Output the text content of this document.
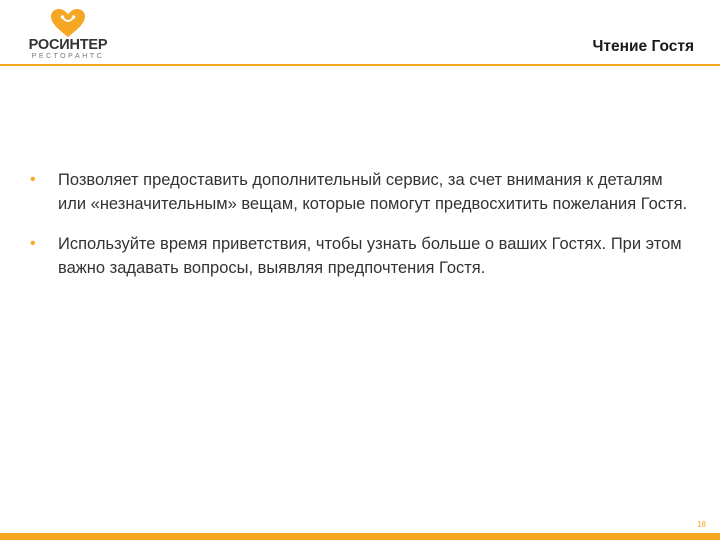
РОСИНТЕР
РЕСТОРАНТС
Чтение Гостя
• Позволяет предоставить дополнительный сервис, за счет внимания к деталям или «незначительным» вещам, которые помогут предвосхитить пожелания Гостя.
• Используйте время приветствия, чтобы узнать больше о ваших Гостях. При этом важно задавать вопросы, выявляя предпочтения Гостя.
18
